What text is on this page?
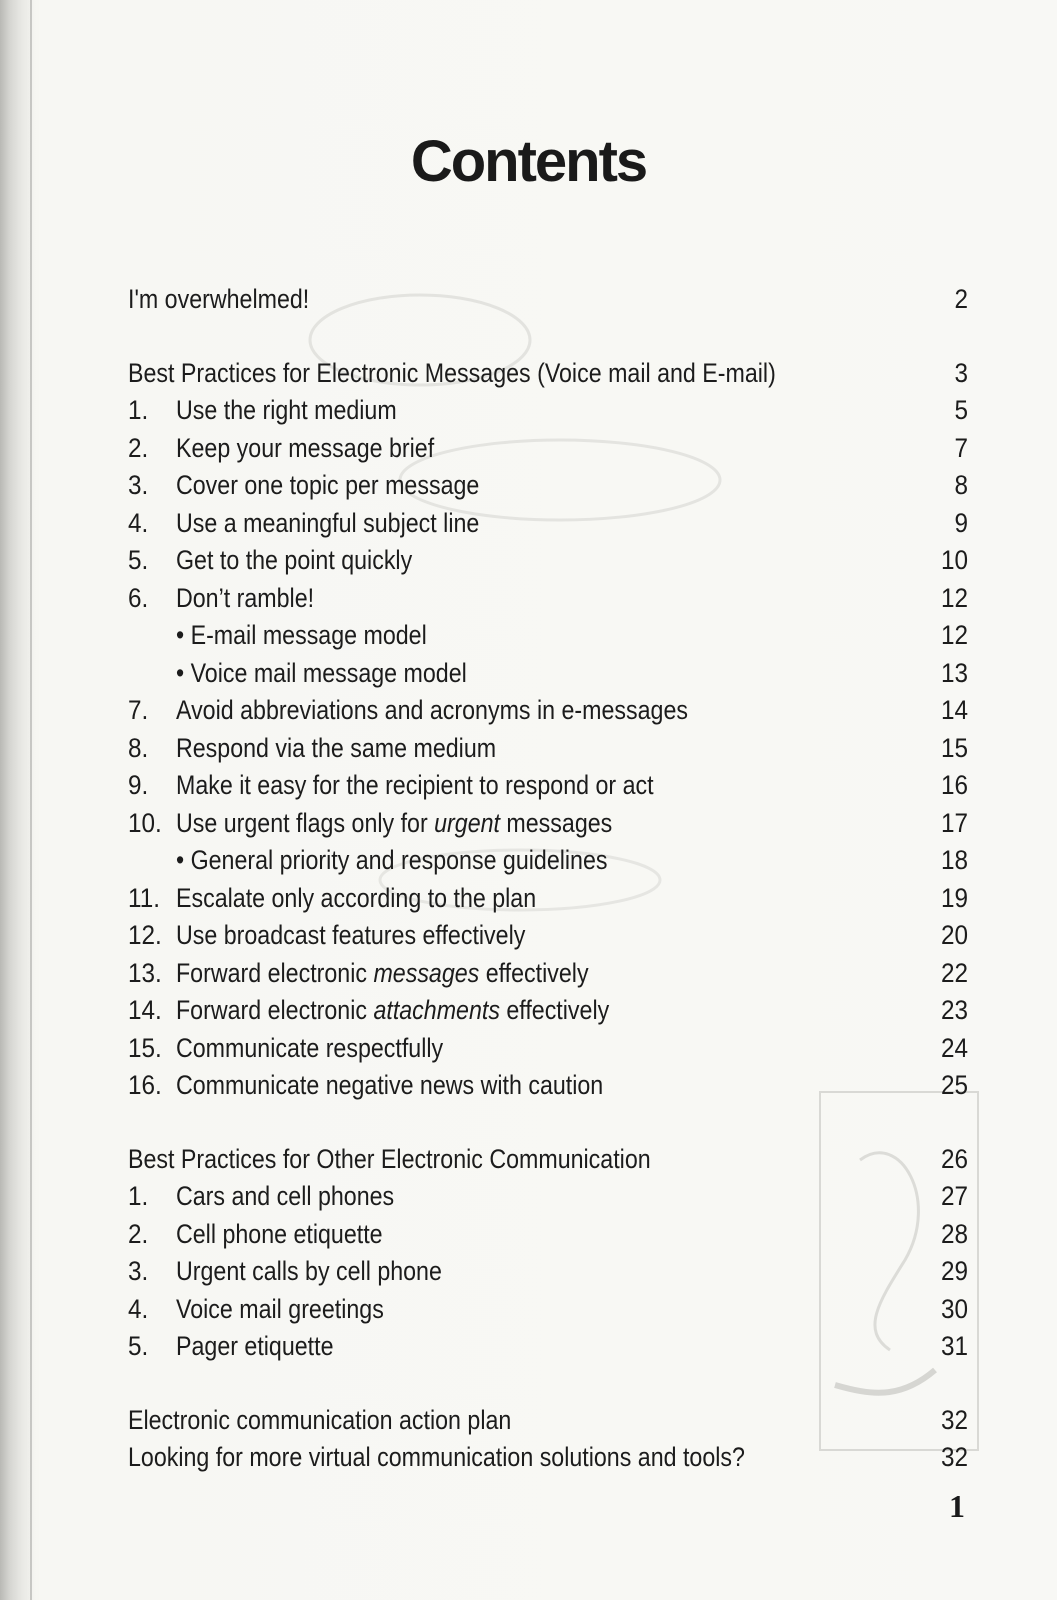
Contents
I'm overwhelmed!	2
Best Practices for Electronic Messages (Voice mail and E-mail)	3
1. Use the right medium	5
2. Keep your message brief	7
3. Cover one topic per message	8
4. Use a meaningful subject line	9
5. Get to the point quickly	10
6. Don’t ramble!	12
• E-mail message model	12
• Voice mail message model	13
7. Avoid abbreviations and acronyms in e-messages	14
8. Respond via the same medium	15
9. Make it easy for the recipient to respond or act	16
10. Use urgent flags only for urgent messages	17
• General priority and response guidelines	18
11. Escalate only according to the plan	19
12. Use broadcast features effectively	20
13. Forward electronic messages effectively	22
14. Forward electronic attachments effectively	23
15. Communicate respectfully	24
16. Communicate negative news with caution	25
Best Practices for Other Electronic Communication	26
1. Cars and cell phones	27
2. Cell phone etiquette	28
3. Urgent calls by cell phone	29
4. Voice mail greetings	30
5. Pager etiquette	31
Electronic communication action plan	32
Looking for more virtual communication solutions and tools?	32
1
